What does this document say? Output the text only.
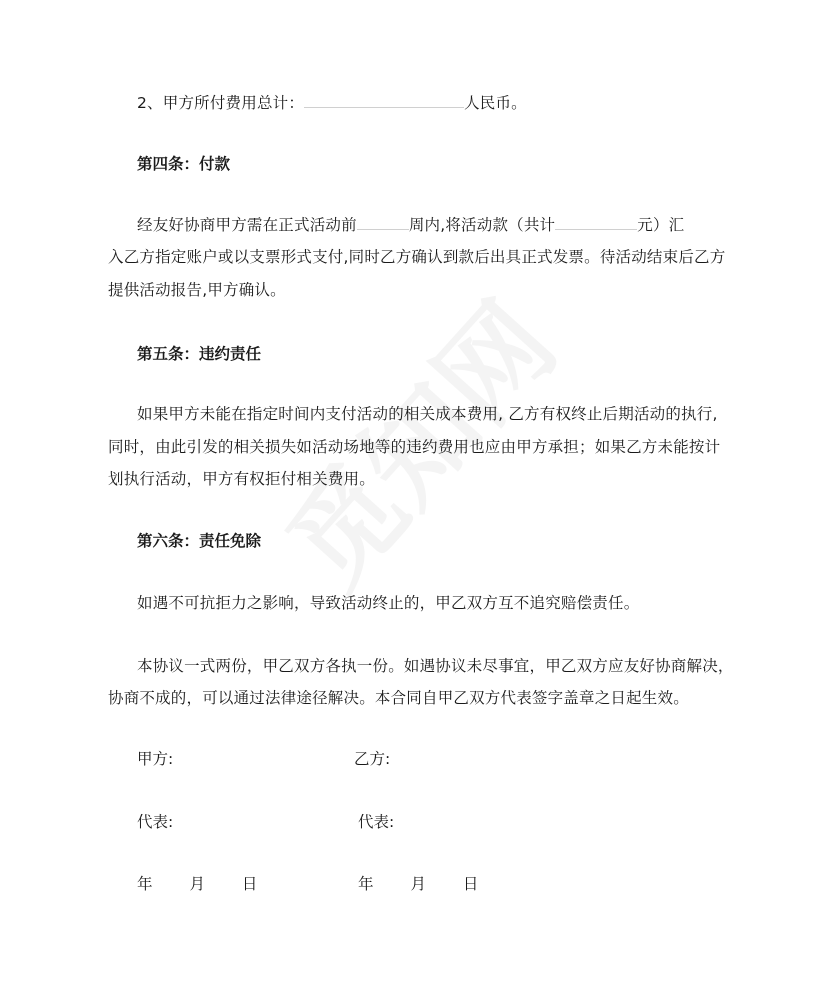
2、甲方所付费用总计：	人民币。
第四条：付款
经友好协商甲方需在正式活动前	周内,将活动款（共计	元）汇
入乙方指定账户或以支票形式支付,同时乙方确认到款后出具正式发票。待活动结束后乙方
提供活动报告,甲方确认。
第五条：违约责任
如果甲方未能在指定时间内支付活动的相关成本费用, 乙方有权终止后期活动的执行,
同时，由此引发的相关损失如活动场地等的违约费用也应由甲方承担；如果乙方未能按计
划执行活动，甲方有权拒付相关费用。
第六条：责任免除
如遇不可抗拒力之影响，导致活动终止的，甲乙双方互不追究赔偿责任。
本协议一式两份，甲乙双方各执一份。如遇协议未尽事宜，甲乙双方应友好协商解决，
协商不成的，可以通过法律途径解决。本合同自甲乙双方代表签字盖章之日起生效。
甲方:	乙方:
代表:	代表:
年 月 日	年 月 日
